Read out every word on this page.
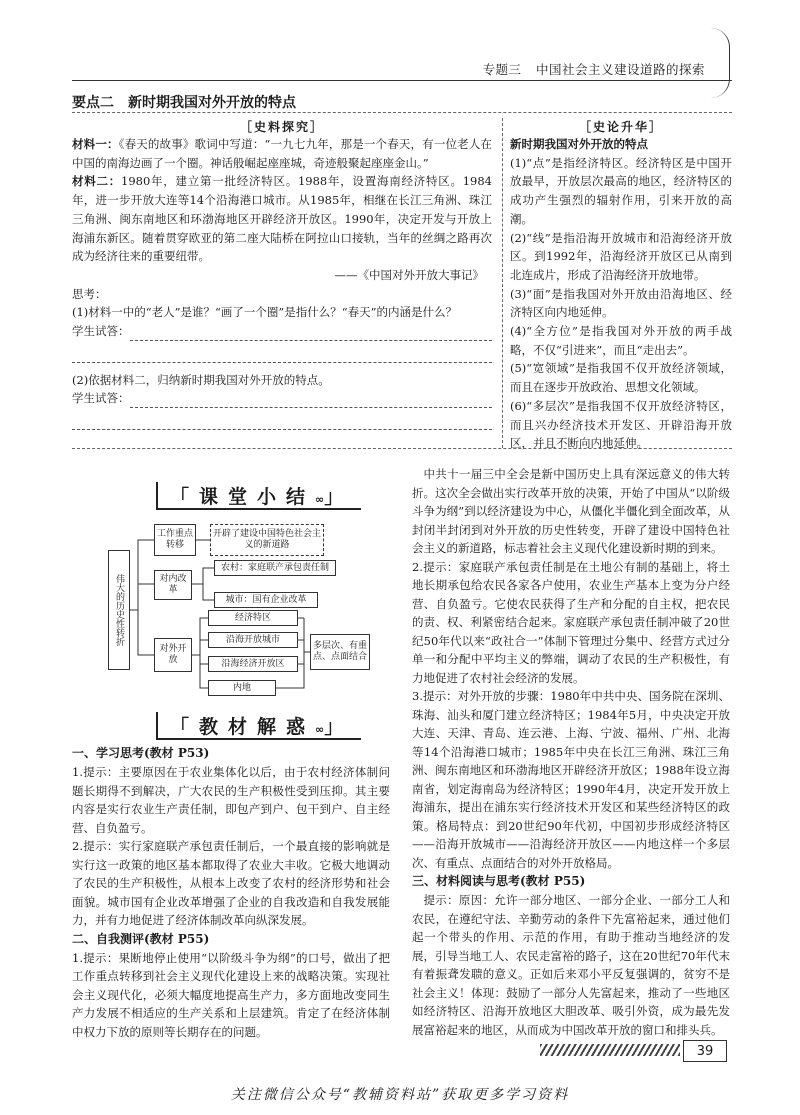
专题三 中国社会主义建设道路的探索
要点二　新时期我国对外开放的特点
［史料探究］
材料一：《春天的故事》歌词中写道：“一九七九年，那是一个春天，有一位老人在中国的南海边画了一个圈。神话般崛起座座城，奇迹般聚起座座金山。”
材料二：1980年，建立第一批经济特区。1988年，设置海南经济特区。1984年，进一步开放大连等14个沿海港口城市。从1985年，相继在长江三角洲、珠江三角洲、闽东南地区和环渤海地区开辟经济开放区。1990年，决定开发与开放上海浦东新区。随着贯穿欧亚的第二座大陆桥在阿拉山口接轨，当年的丝绸之路再次成为经济往来的重要纽带。
——《中国对外开放大事记》
思考：
(1)材料一中的“老人”是谁？“画了一个圈”是指什么？“春天”的内涵是什么？
学生试答：
(2)依据材料二，归纳新时期我国对外开放的特点。
学生试答：
［史论升华］
新时期我国对外开放的特点
(1)“点”是指经济特区。经济特区是中国开放最早，开放层次最高的地区，经济特区的成功产生强烈的辐射作用，引来开放的高潮。
(2)“线”是指沿海开放城市和沿海经济开放区。到1992年，沿海经济开放区已从南到北连成片，形成了沿海经济开放地带。
(3)“面”是指我国对外开放由沿海地区、经济特区向内地延伸。
(4)“全方位”是指我国对外开放的两手战略，不仅“引进来”，而且“走出去”。
(5)“宽领域”是指我国不仅开放经济领域，而且在逐步开放政治、思想文化领域。
(6)“多层次”是指我国不仅开放经济特区，而且兴办经济技术开发区、开辟沿海开放区，并且不断向内地延伸。
「课堂小结∞」
伟大的历史性转折
工作重点转移
开辟了建设中国特色社会主义的新道路
对内改革
农村：家庭联产承包责任制
城市：国有企业改革
对外开放
经济特区
沿海开放城市
沿海经济开放区
内地
多层次、有重点、点面结合
「教材解惑∞」
一、学习思考(教材 P53)
1.提示：主要原因在于农业集体化以后，由于农村经济体制问题长期得不到解决，广大农民的生产积极性受到压抑。其主要内容是实行农业生产责任制，即包产到户、包干到户、自主经营、自负盈亏。
2.提示：实行家庭联产承包责任制后，一个最直接的影响就是实行这一政策的地区基本都取得了农业大丰收。它极大地调动了农民的生产积极性，从根本上改变了农村的经济形势和社会面貌。城市国有企业改革增强了企业的自我改造和自我发展能力，并有力地促进了经济体制改革向纵深发展。
二、自我测评(教材 P55)
1.提示：果断地停止使用“以阶级斗争为纲”的口号，做出了把工作重点转移到社会主义现代化建设上来的战略决策。实现社会主义现代化，必须大幅度地提高生产力，多方面地改变同生产力发展不相适应的生产关系和上层建筑。肯定了在经济体制中权力下放的原则等长期存在的问题。
中共十一届三中全会是新中国历史上具有深远意义的伟大转折。这次全会做出实行改革开放的决策，开始了中国从“以阶级斗争为纲”到以经济建设为中心，从僵化半僵化到全面改革，从封闭半封闭到对外开放的历史性转变，开辟了建设中国特色社会主义的新道路，标志着社会主义现代化建设新时期的到来。
2.提示：家庭联产承包责任制是在土地公有制的基础上，将土地长期承包给农民各家各户使用，农业生产基本上变为分户经营、自负盈亏。它使农民获得了生产和分配的自主权，把农民的责、权、利紧密结合起来。家庭联产承包责任制冲破了20世纪50年代以来“政社合一”体制下管理过分集中、经营方式过分单一和分配中平均主义的弊端，调动了农民的生产积极性，有力地促进了农村社会经济的发展。
3.提示：对外开放的步骤：1980年中共中央、国务院在深圳、珠海、汕头和厦门建立经济特区；1984年5月，中央决定开放大连、天津、青岛、连云港、上海、宁波、福州、广州、北海等14个沿海港口城市；1985年中央在长江三角洲、珠江三角洲、闽东南地区和环渤海地区开辟经济开放区；1988年设立海南省，划定海南岛为经济特区；1990年4月，决定开发开放上海浦东，提出在浦东实行经济技术开发区和某些经济特区的政策。格局特点：到20世纪90年代初，中国初步形成经济特区——沿海开放城市——沿海经济开放区——内地这样一个多层次、有重点、点面结合的对外开放格局。
三、材料阅读与思考(教材 P55)
提示：原因：允许一部分地区、一部分企业、一部分工人和农民，在遵纪守法、辛勤劳动的条件下先富裕起来，通过他们起一个带头的作用、示范的作用，有助于推动当地经济的发展，引导当地工人、农民走富裕的路子，这在20世纪70年代末有着振聋发聩的意义。正如后来邓小平反复强调的，贫穷不是社会主义！体现：鼓励了一部分人先富起来，推动了一些地区如经济特区、沿海开放地区大胆改革、吸引外资，成为最先发展富裕起来的地区，从而成为中国改革开放的窗口和排头兵。
39
关注微信公众号“教辅资料站”获取更多学习资料
